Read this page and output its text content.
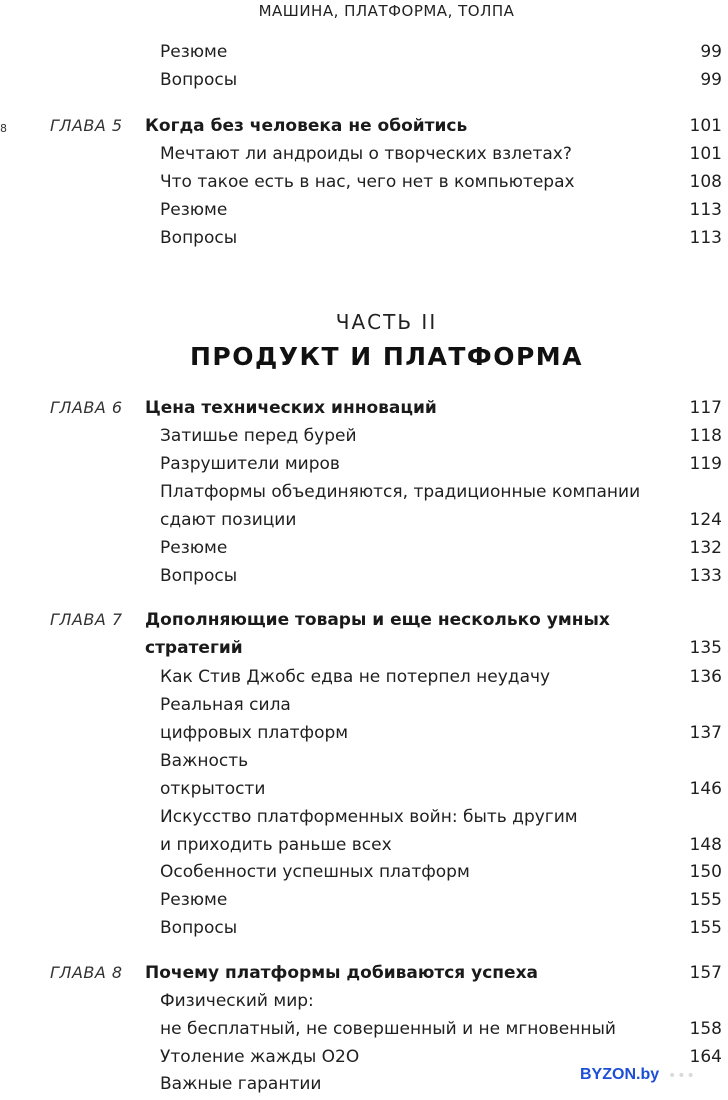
МАШИНА, ПЛАТФОРМА, ТОЛПА
8
Резюме	99
Вопросы	99
ГЛАВА 5 Когда без человека не обойтись	101
Мечтают ли андроиды о творческих взлетах?	101
Что такое есть в нас, чего нет в компьютерах	108
Резюме	113
Вопросы	113
ЧАСТЬ II
ПРОДУКТ И ПЛАТФОРМА
ГЛАВА 6 Цена технических инноваций	117
Затишье перед бурей	118
Разрушители миров	119
Платформы объединяются, традиционные компании
сдают позиции	124
Резюме	132
Вопросы	133
ГЛАВА 7 Дополняющие товары и еще несколько умных
стратегий	135
Как Стив Джобс едва не потерпел неудачу	136
Реальная сила
цифровых платформ	137
Важность
открытости	146
Искусство платформенных войн: быть другим
и приходить раньше всех	148
Особенности успешных платформ	150
Резюме	155
Вопросы	155
ГЛАВА 8 Почему платформы добиваются успеха	157
Физический мир:
не бесплатный, не совершенный и не мгновенный	158
Утоление жажды O2O	164
Важные гарантии	BYZON.by •••
